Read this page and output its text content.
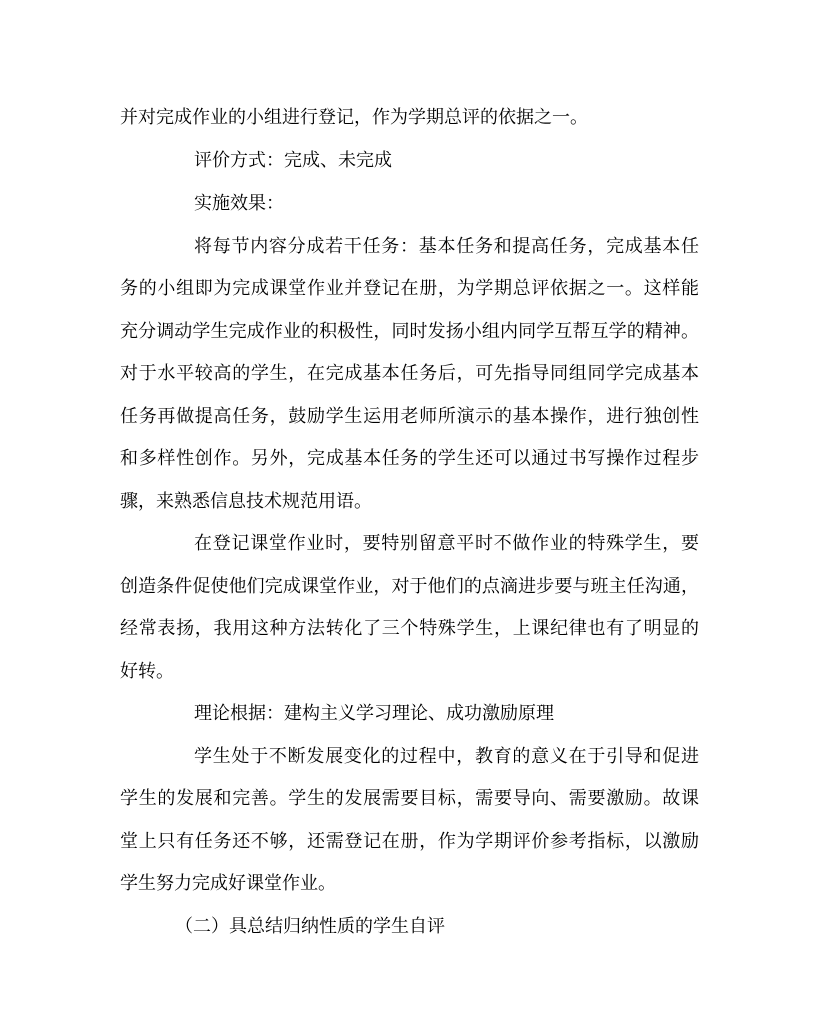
并对完成作业的小组进行登记，作为学期总评的依据之一。
评价方式：完成、未完成
实施效果：
将每节内容分成若干任务：基本任务和提高任务，完成基本任
务的小组即为完成课堂作业并登记在册，为学期总评依据之一。这样能
充分调动学生完成作业的积极性，同时发扬小组内同学互帮互学的精神。
对于水平较高的学生，在完成基本任务后，可先指导同组同学完成基本
任务再做提高任务，鼓励学生运用老师所演示的基本操作，进行独创性
和多样性创作。另外，完成基本任务的学生还可以通过书写操作过程步
骤，来熟悉信息技术规范用语。
在登记课堂作业时，要特别留意平时不做作业的特殊学生，要
创造条件促使他们完成课堂作业，对于他们的点滴进步要与班主任沟通，
经常表扬，我用这种方法转化了三个特殊学生，上课纪律也有了明显的
好转。
理论根据：建构主义学习理论、成功激励原理
学生处于不断发展变化的过程中，教育的意义在于引导和促进
学生的发展和完善。学生的发展需要目标，需要导向、需要激励。故课
堂上只有任务还不够，还需登记在册，作为学期评价参考指标，以激励
学生努力完成好课堂作业。
（二）具总结归纳性质的学生自评
